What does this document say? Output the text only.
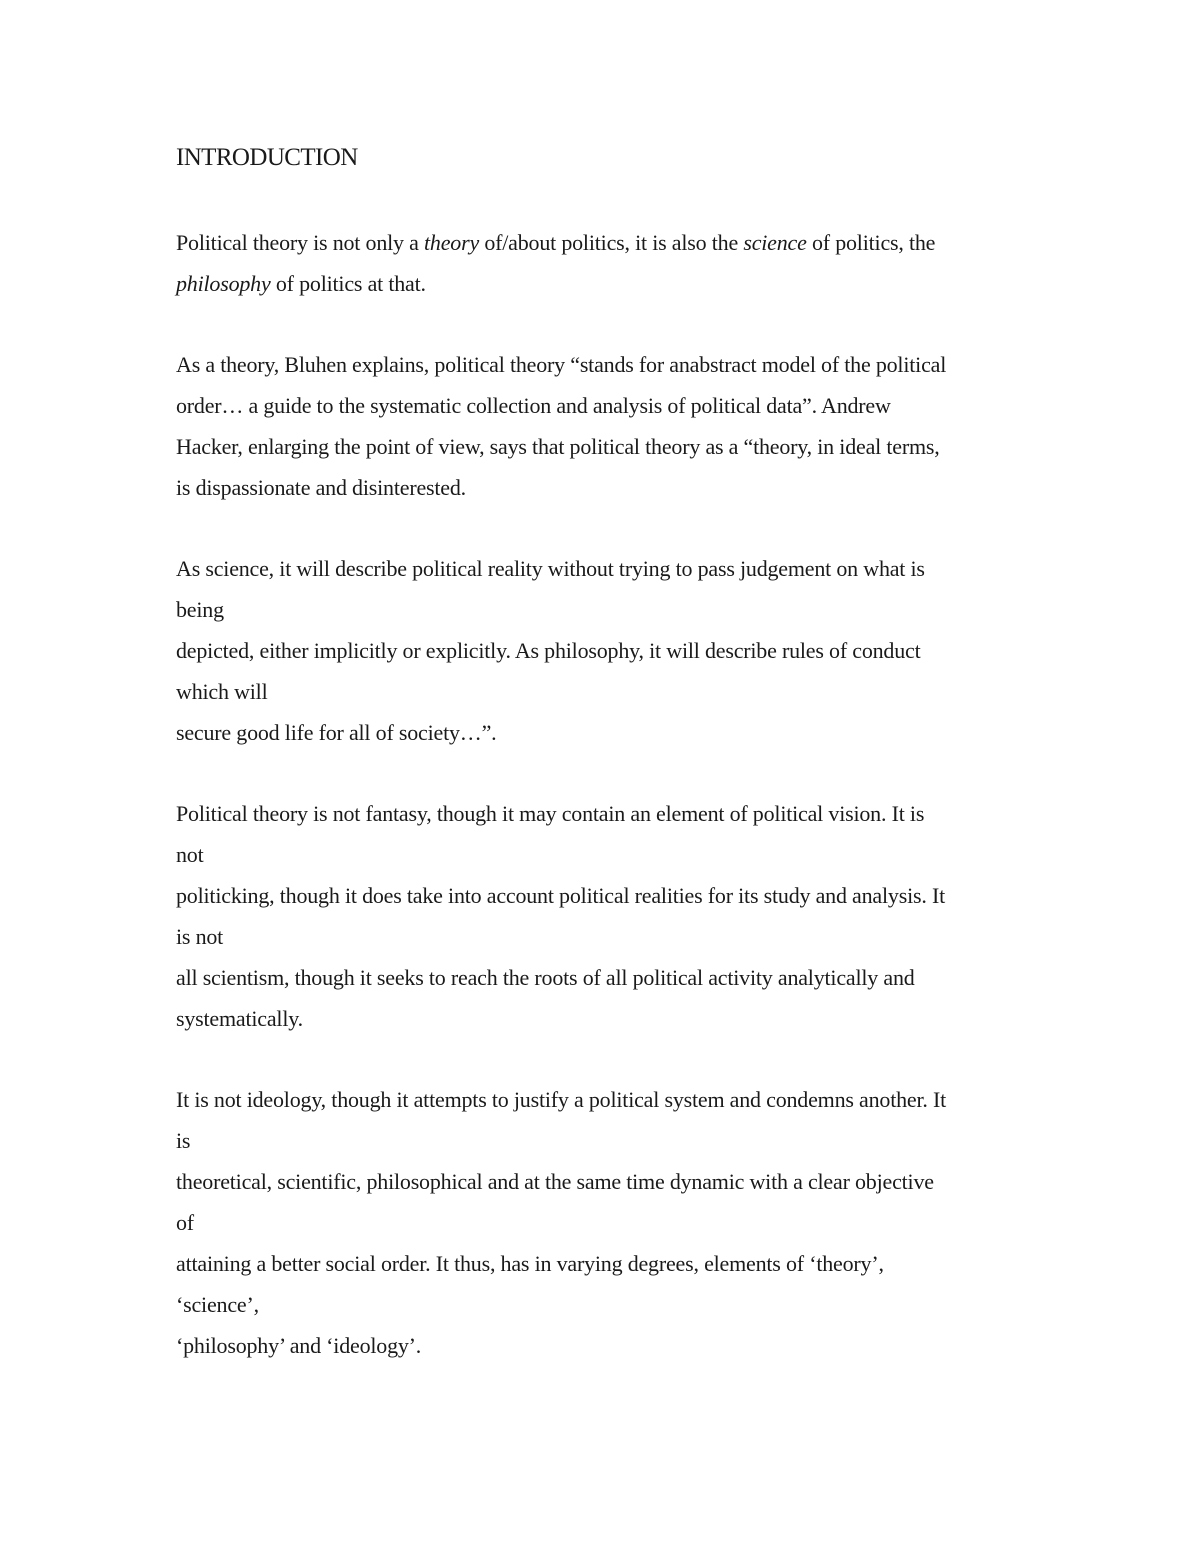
INTRODUCTION
Political theory is not only a theory of/about politics, it is also the science of politics, the
philosophy of politics at that.
As a theory, Bluhen explains, political theory “stands for anabstract model of the political
order… a guide to the systematic collection and analysis of political data”. Andrew
Hacker, enlarging the point of view, says that political theory as a “theory, in ideal terms,
is dispassionate and disinterested.
As science, it will describe political reality without trying to pass judgement on what is
being
depicted, either implicitly or explicitly. As philosophy, it will describe rules of conduct
which will
secure good life for all of society…”.
Political theory is not fantasy, though it may contain an element of political vision. It is
not
politicking, though it does take into account political realities for its study and analysis. It
is not
all scientism, though it seeks to reach the roots of all political activity analytically and
systematically.
It is not ideology, though it attempts to justify a political system and condemns another. It
is
theoretical, scientific, philosophical and at the same time dynamic with a clear objective
of
attaining a better social order. It thus, has in varying degrees, elements of ‘theory’,
‘science’,
‘philosophy’ and ‘ideology’.
